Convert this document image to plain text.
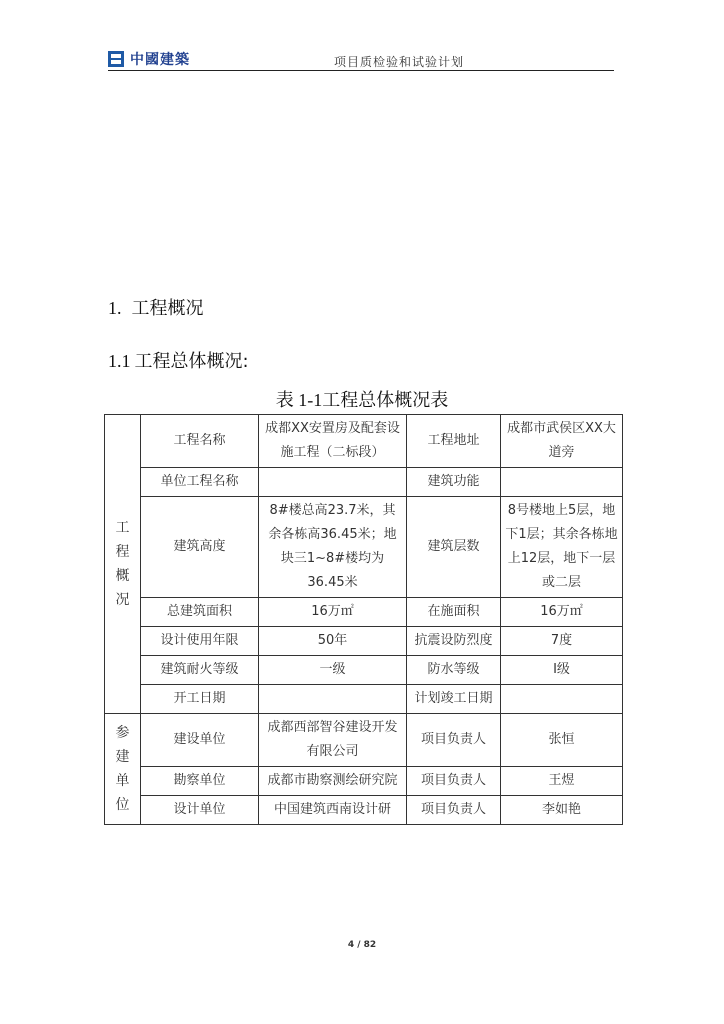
中國建築	项目质检验和试验计划
1. 工程概况
1.1 工程总体概况:
表 1-1工程总体概况表
工
程
概
况	工程名称	成都XX安置房及配套设施工程（二标段）	工程地址	成都市武侯区XX大道旁
	单位工程名称		建筑功能	
	建筑高度	8#楼总高23.7米，其余各栋高36.45米；地块三1~8#楼均为36.45米	建筑层数	8号楼地上5层，地下1层；其余各栋地上12层，地下一层或二层
	总建筑面积	16万㎡	在施面积	16万㎡
	设计使用年限	50年	抗震设防烈度	7度
	建筑耐火等级	一级	防水等级	I级
	开工日期		计划竣工日期	

参
建
单
位	建设单位	成都西部智谷建设开发有限公司	项目负责人	张恒
	勘察单位	成都市勘察测绘研究院	项目负责人	王煜
	设计单位	中国建筑西南设计研	项目负责人	李如艳
4 / 82
